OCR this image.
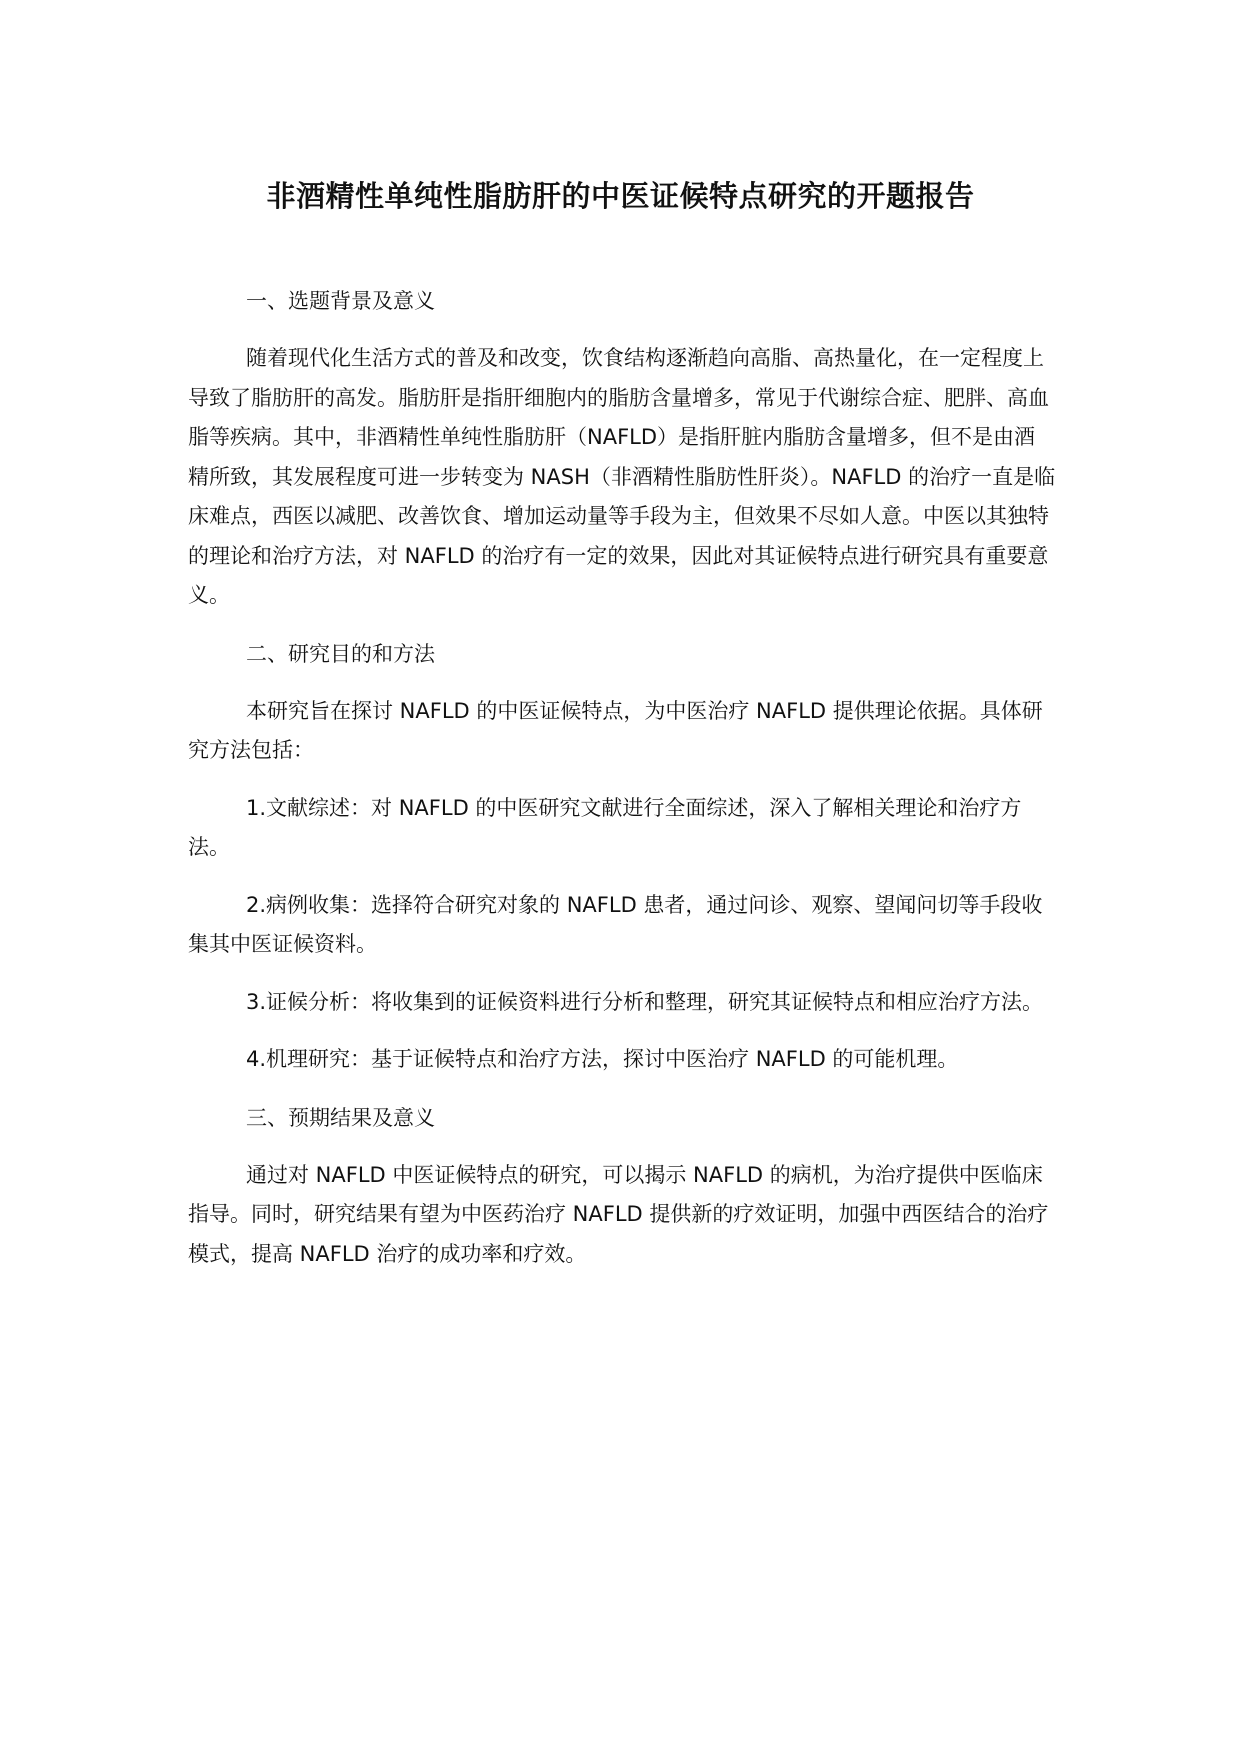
非酒精性单纯性脂肪肝的中医证候特点研究的开题报告

一、选题背景及意义

随着现代化生活方式的普及和改变，饮食结构逐渐趋向高脂、高热量化，在一定程度上导致了脂肪肝的高发。脂肪肝是指肝细胞内的脂肪含量增多，常见于代谢综合症、肥胖、高血脂等疾病。其中，非酒精性单纯性脂肪肝（NAFLD）是指肝脏内脂肪含量增多，但不是由酒精所致，其发展程度可进一步转变为 NASH（非酒精性脂肪性肝炎）。NAFLD 的治疗一直是临床难点，西医以减肥、改善饮食、增加运动量等手段为主，但效果不尽如人意。中医以其独特的理论和治疗方法，对 NAFLD 的治疗有一定的效果，因此对其证候特点进行研究具有重要意义。

二、研究目的和方法

本研究旨在探讨 NAFLD 的中医证候特点，为中医治疗 NAFLD 提供理论依据。具体研究方法包括：

1.文献综述：对 NAFLD 的中医研究文献进行全面综述，深入了解相关理论和治疗方法。

2.病例收集：选择符合研究对象的 NAFLD 患者，通过问诊、观察、望闻问切等手段收集其中医证候资料。

3.证候分析：将收集到的证候资料进行分析和整理，研究其证候特点和相应治疗方法。

4.机理研究：基于证候特点和治疗方法，探讨中医治疗 NAFLD 的可能机理。

三、预期结果及意义

通过对 NAFLD 中医证候特点的研究，可以揭示 NAFLD 的病机，为治疗提供中医临床指导。同时，研究结果有望为中医药治疗 NAFLD 提供新的疗效证明，加强中西医结合的治疗模式，提高 NAFLD 治疗的成功率和疗效。
